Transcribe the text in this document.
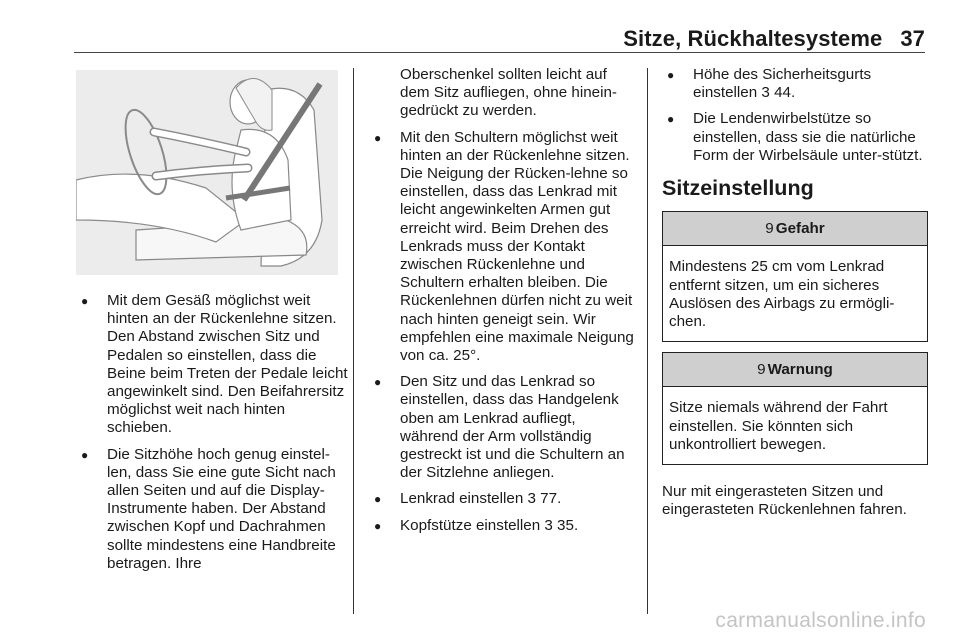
Sitze, Rückhaltesysteme 37
● Mit dem Gesäß möglichst weit hinten an der Rückenlehne sitzen. Den Abstand zwischen Sitz und Pedalen so einstellen, dass die Beine beim Treten der Pedale leicht angewinkelt sind. Den Beifahrersitz möglichst weit nach hinten schieben.
● Die Sitzhöhe hoch genug einstel‐len, dass Sie eine gute Sicht nach allen Seiten und auf die Display-Instrumente haben. Der Abstand zwischen Kopf und Dachrahmen sollte mindestens eine Handbreite betragen. Ihre

Oberschenkel sollten leicht auf dem Sitz aufliegen, ohne hinein‐gedrückt zu werden.

● Mit den Schultern möglichst weit hinten an der Rückenlehne sitzen. Die Neigung der Rücken‐lehne so einstellen, dass das Lenkrad mit leicht angewinkelten Armen gut erreicht wird. Beim Drehen des Lenkrads muss der Kontakt zwischen Rückenlehne und Schultern erhalten bleiben. Die Rückenlehnen dürfen nicht zu weit nach hinten geneigt sein. Wir empfehlen eine maximale Neigung von ca. 25°.
● Den Sitz und das Lenkrad so einstellen, dass das Handgelenk oben am Lenkrad aufliegt, während der Arm vollständig gestreckt ist und die Schultern an der Sitzlehne anliegen.
● Lenkrad einstellen 3 77.
● Kopfstütze einstellen 3 35.
● Höhe des Sicherheitsgurts einstellen 3 44.
● Die Lendenwirbelstütze so einstellen, dass sie die natürliche Form der Wirbelsäule unter‐stützt.
Sitzeinstellung
9 Gefahr
Mindestens 25 cm vom Lenkrad entfernt sitzen, um ein sicheres Auslösen des Airbags zu ermögli‐chen.
9 Warnung
Sitze niemals während der Fahrt einstellen. Sie könnten sich unkontrolliert bewegen.

Nur mit eingerasteten Sitzen und eingerasteten Rückenlehnen fahren.

carmanualsonline.info
